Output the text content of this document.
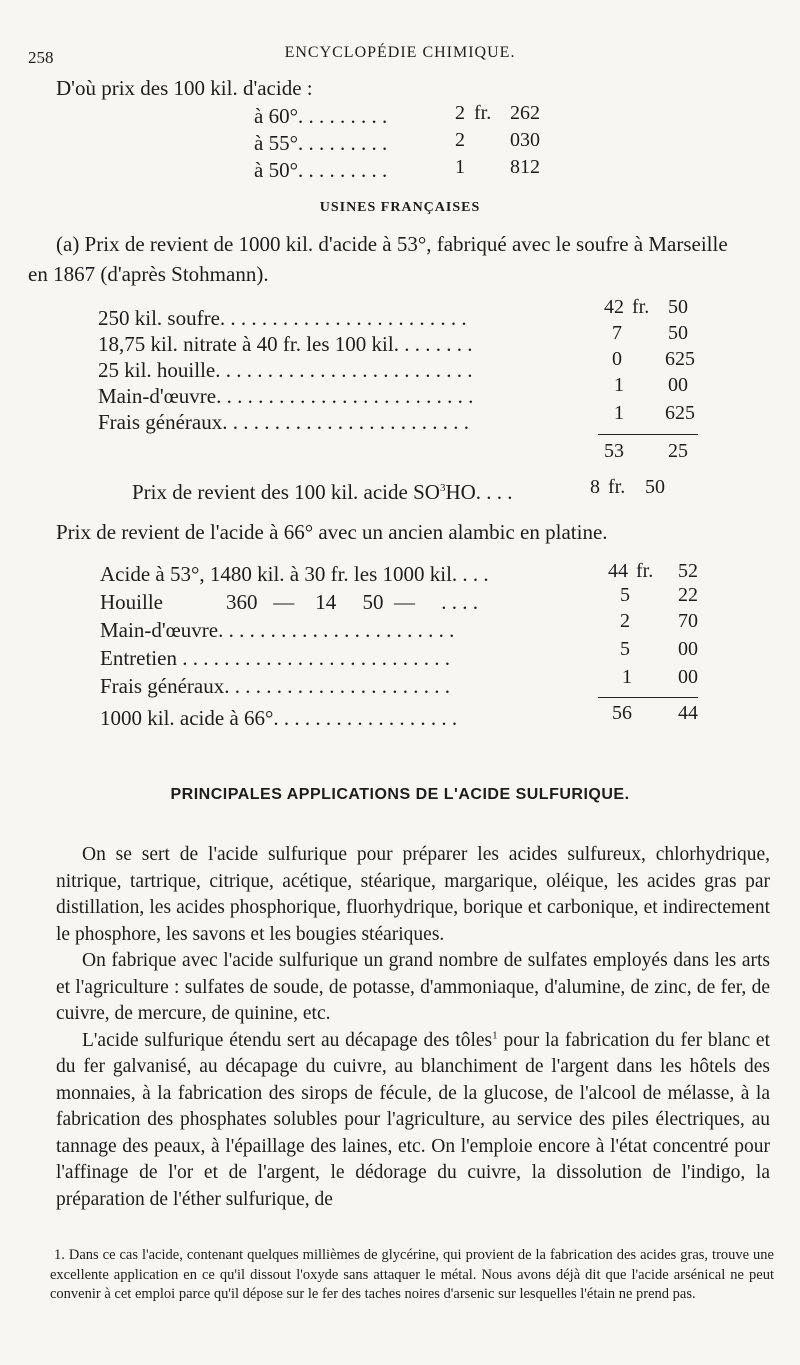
258	ENCYCLOPÉDIE CHIMIQUE.
D'où prix des 100 kil. d'acide :
à 60°. . . . . . . . .	2 fr. 262
à 55°. . . . . . . . .	2 030
à 50°. . . . . . . . .	1 812
USINES FRANÇAISES
(a) Prix de revient de 1000 kil. d'acide à 53°, fabriqué avec le soufre à Marseille
en 1867 (d'après Stohmann).
250 kil. soufre. . . . . . . . . . . . . . . . . . . . . . . .	42 fr. 50
18,75 kil. nitrate à 40 fr. les 100 kil. . . . . . . .	7 50
25 kil. houille. . . . . . . . . . . . . . . . . . . . . . . . .	0 625
Main-d'œuvre. . . . . . . . . . . . . . . . . . . . . . . . .	1 00
Frais généraux. . . . . . . . . . . . . . . . . . . . . . . .	1 625
53 25
Prix de revient des 100 kil. acide $SO^3HO$. . . .	8 fr. 50
Prix de revient de l'acide à 66° avec un ancien alambic en platine.
Acide à 53°, 1480 kil. à 30 fr. les 1000 kil. . . .	44 fr. 52
Houille            360   —    14     50  —     . . . .	5 22
Main-d'œuvre. . . . . . . . . . . . . . . . . . . . . . .	2 70
Entretien . . . . . . . . . . . . . . . . . . . . . . . . . .	5 00
Frais généraux. . . . . . . . . . . . . . . . . . . . . .	1 00
1000 kil. acide à 66°. . . . . . . . . . . . . . . . . .	56 44
PRINCIPALES APPLICATIONS DE L'ACIDE SULFURIQUE.

On se sert de l'acide sulfurique pour préparer les acides sulfureux, chlorhydrique, nitrique, tartrique, citrique, acétique, stéarique, margarique, oléique, les acides gras par distillation, les acides phosphorique, fluorhydrique, borique et carbonique, et indirectement le phosphore, les savons et les bougies stéariques.

On fabrique avec l'acide sulfurique un grand nombre de sulfates employés dans les arts et l'agriculture : sulfates de soude, de potasse, d'ammoniaque, d'alumine, de zinc, de fer, de cuivre, de mercure, de quinine, etc.

L'acide sulfurique étendu sert au décapage des tôles$^1$ pour la fabrication du fer blanc et du fer galvanisé, au décapage du cuivre, au blanchiment de l'argent dans les hôtels des monnaies, à la fabrication des sirops de fécule, de la glucose, de l'alcool de mélasse, à la fabrication des phosphates solubles pour l'agriculture, au service des piles électriques, au tannage des peaux, à l'épaillage des laines, etc. On l'emploie encore à l'état concentré pour l'affinage de l'or et de l'argent, le dédorage du cuivre, la dissolution de l'indigo, la préparation de l'éther sulfurique, de

1. Dans ce cas l'acide, contenant quelques millièmes de glycérine, qui provient de la fabrication des acides gras, trouve une excellente application en ce qu'il dissout l'oxyde sans attaquer le métal. Nous avons déjà dit que l'acide arsénical ne peut convenir à cet emploi parce qu'il dépose sur le fer des taches noires d'arsenic sur lesquelles l'étain ne prend pas.
